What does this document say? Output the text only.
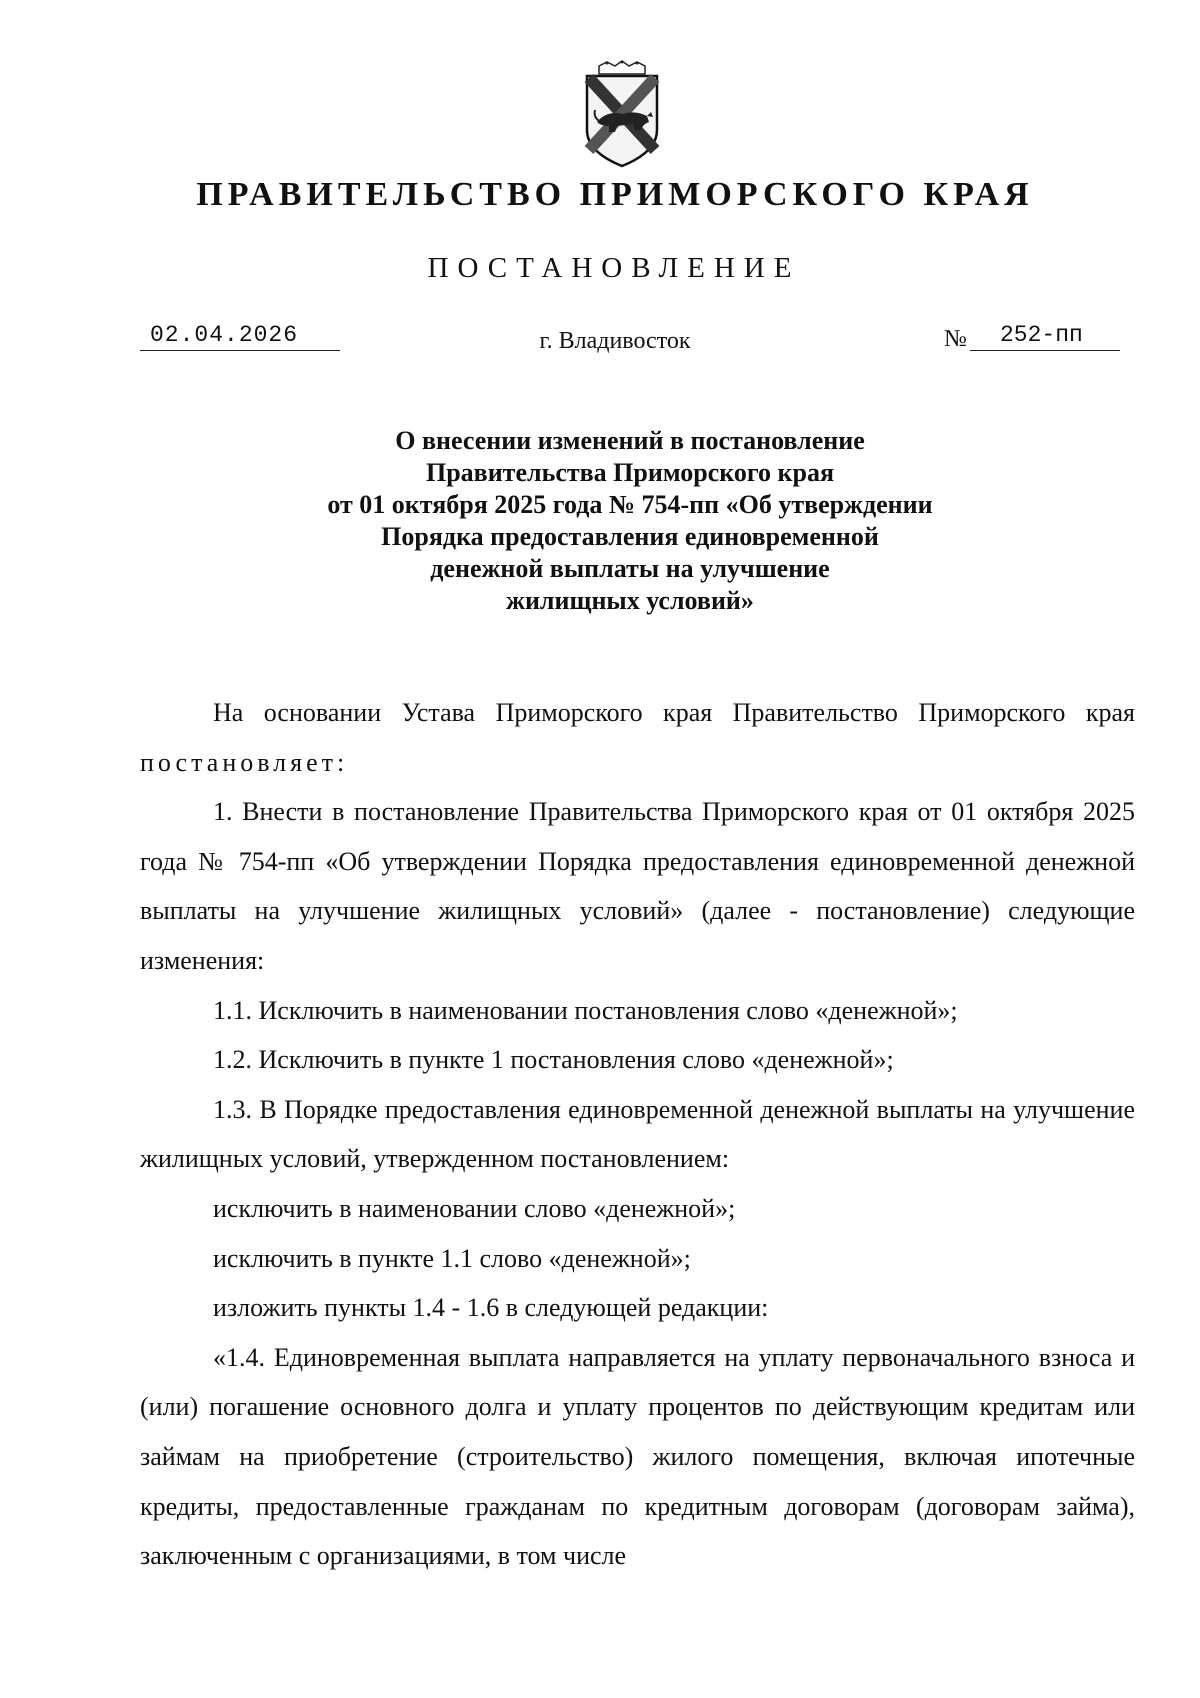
ПРАВИТЕЛЬСТВО ПРИМОРСКОГО КРАЯ
ПОСТАНОВЛЕНИЕ
02.04.2026	г. Владивосток	№	252-пп
О внесении изменений в постановление
Правительства Приморского края
от 01 октября 2025 года № 754-пп «Об утверждении
Порядка предоставления единовременной
денежной выплаты на улучшение
жилищных условий»

На основании Устава Приморского края Правительство Приморского края постановляет:

1. Внести в постановление Правительства Приморского края от 01 октября 2025 года № 754-пп «Об утверждении Порядка предоставления единовременной денежной выплаты на улучшение жилищных условий» (далее - постановление) следующие изменения:

1.1. Исключить в наименовании постановления слово «денежной»;

1.2. Исключить в пункте 1 постановления слово «денежной»;

1.3. В Порядке предоставления единовременной денежной выплаты на улучшение жилищных условий, утвержденном постановлением:

исключить в наименовании слово «денежной»;

исключить в пункте 1.1 слово «денежной»;

изложить пункты 1.4 - 1.6 в следующей редакции:

«1.4. Единовременная выплата направляется на уплату первоначального взноса и (или) погашение основного долга и уплату процентов по действующим кредитам или займам на приобретение (строительство) жилого помещения, включая ипотечные кредиты, предоставленные гражданам по кредитным договорам (договорам займа), заключенным с организациями, в том числе
